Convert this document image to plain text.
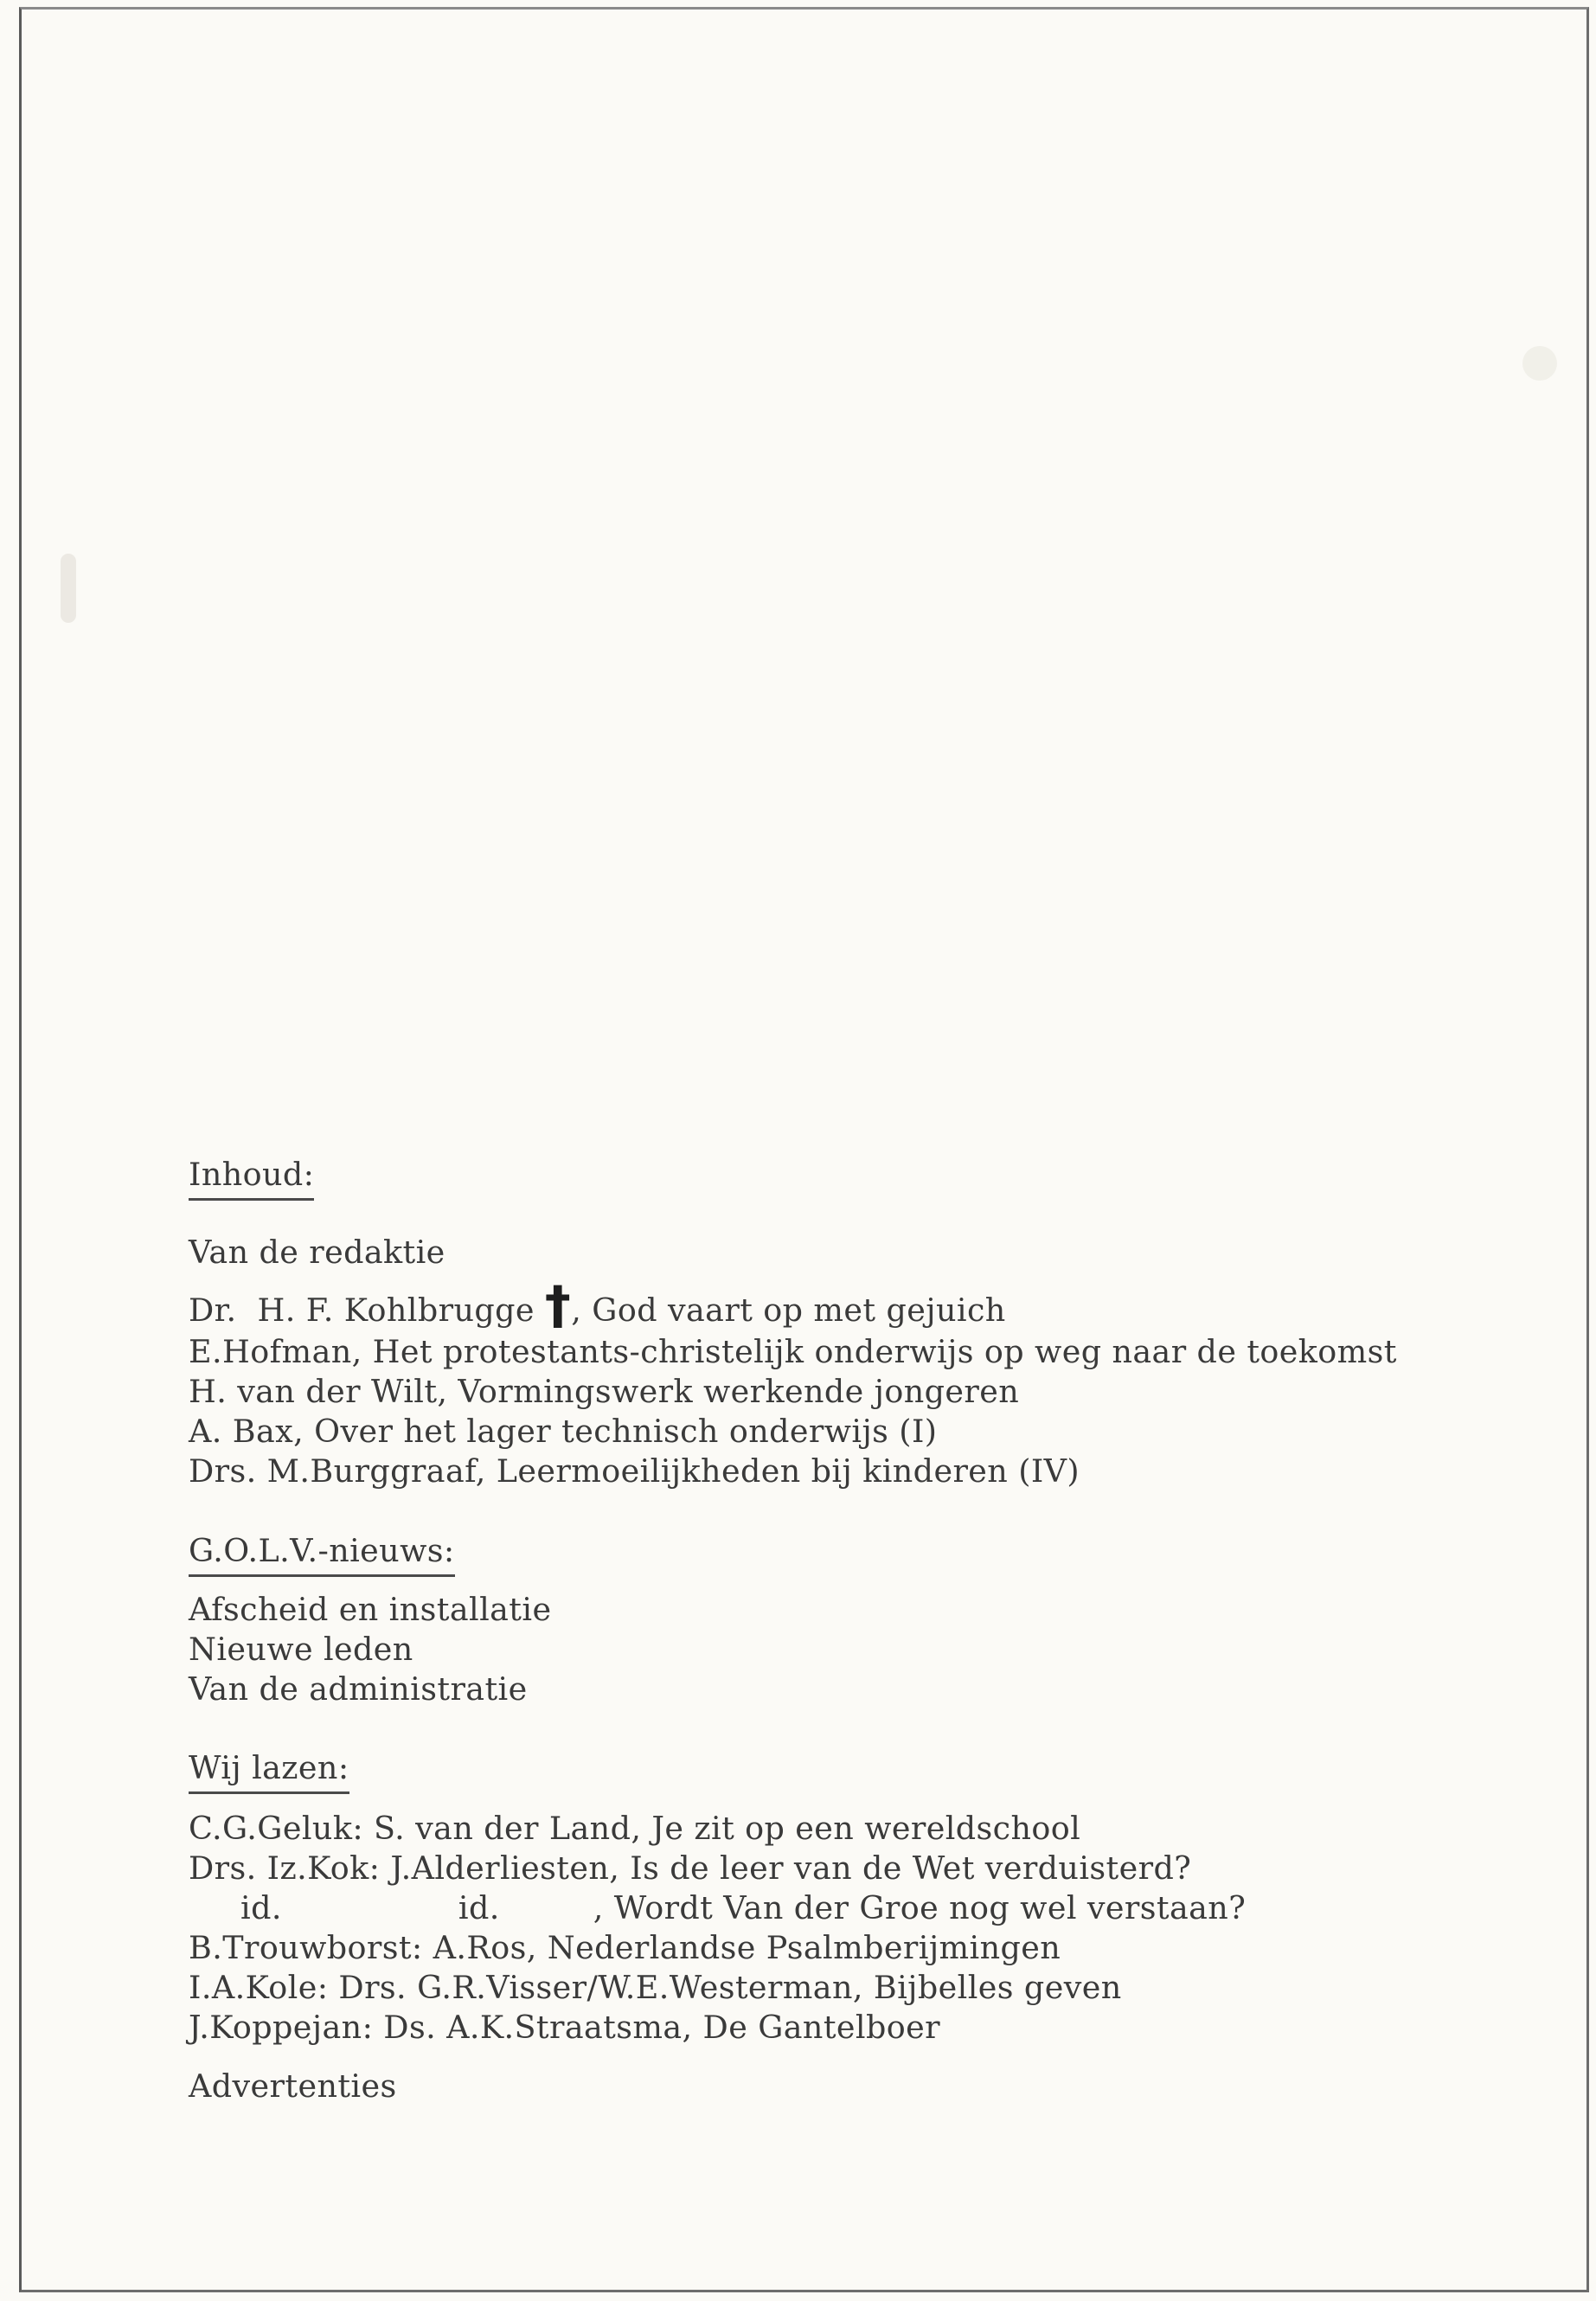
Inhoud:
Van de redaktie
Dr.  H. F. Kohlbrugge †, God vaart op met gejuich
E.Hofman, Het protestants-christelijk onderwijs op weg naar de toekomst
H. van der Wilt, Vormingswerk werkende jongeren
A. Bax, Over het lager technisch onderwijs (I)
Drs. M.Burggraaf, Leermoeilijkheden bij kinderen (IV)
G.O.L.V.-nieuws:
Afscheid en installatie
Nieuwe leden
Van de administratie
Wij lazen:
C.G.Geluk: S. van der Land, Je zit op een wereldschool
Drs. Iz.Kok: J.Alderliesten, Is de leer van de Wet verduisterd?
id.                 id.         , Wordt Van der Groe nog wel verstaan?
B.Trouwborst: A.Ros, Nederlandse Psalmberijmingen
I.A.Kole: Drs. G.R.Visser/W.E.Westerman, Bijbelles geven
J.Koppejan: Ds. A.K.Straatsma, De Gantelboer
Advertenties
